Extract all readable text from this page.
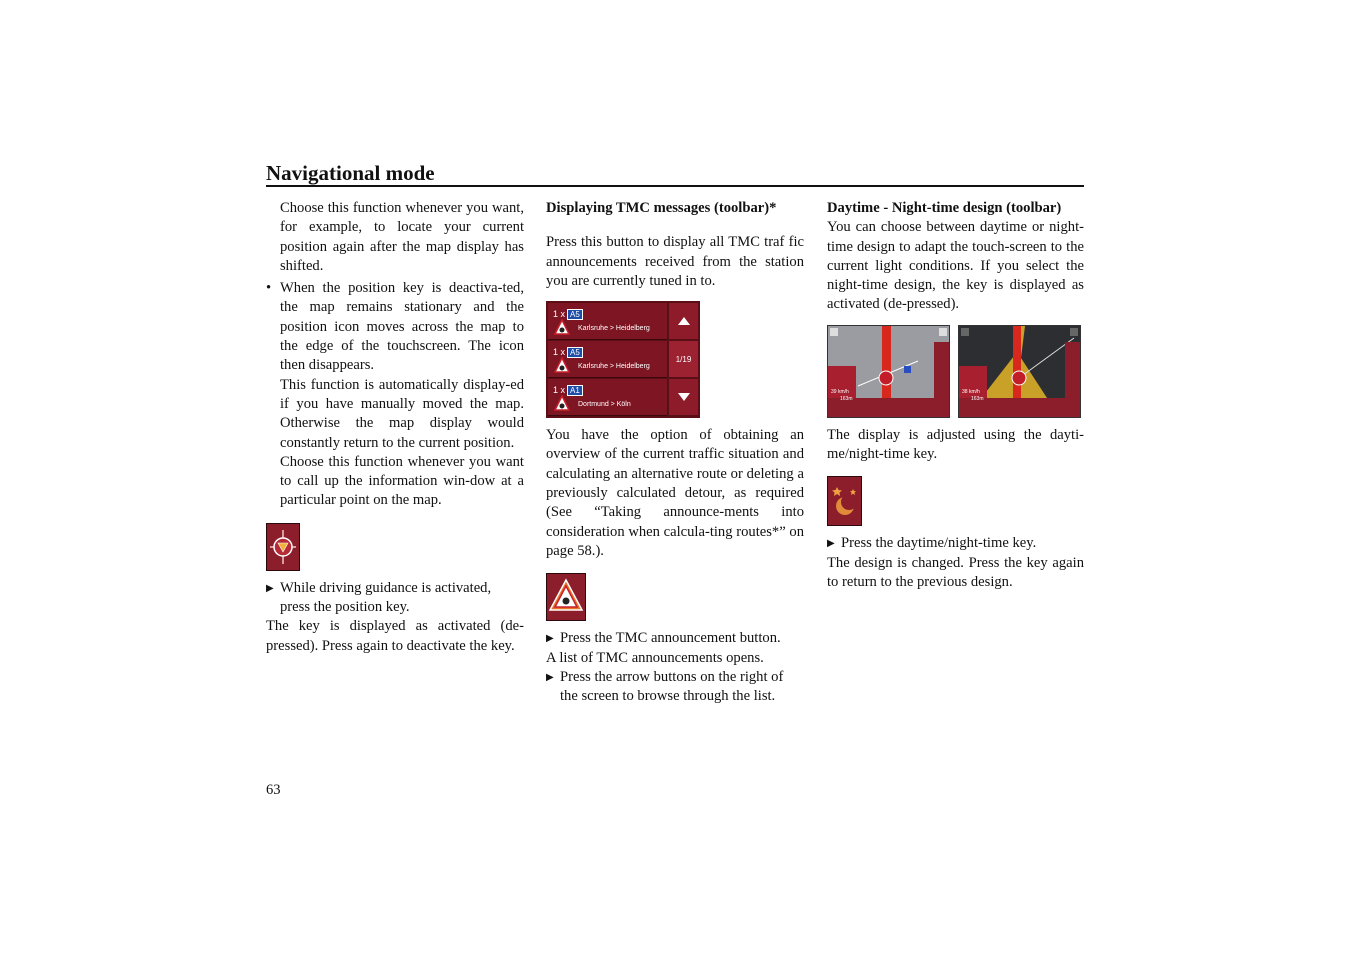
Navigational mode

Choose this function whenever you want, for example, to locate your current position again after the map display has shifted.

• When the position key is deactiva-ted, the map remains stationary and the position icon moves across the map to the edge of the touchscreen. The icon then disappears.

This function is automatically display-ed if you have manually moved the map. Otherwise the map display would constantly return to the current position.

Choose this function whenever you want to call up the information win-dow at a particular point on the map.

▶ While driving guidance is activated, press the position key.

The key is displayed as activated (de-pressed). Press again to deactivate the key.

Displaying TMC messages (toolbar)*

Press this button to display all TMC traf fic announcements received from the station you are currently tuned in to.

1 x A5
Karlsruhe > Heidelberg
1 x A5
Karlsruhe > Heidelberg
1 x A1
Dortmund > Köln
1/19

You have the option of obtaining an overview of the current traffic situation and calculating an alternative route or deleting a previously calculated detour, as required (See “Taking announce-ments into consideration when calcula-ting routes*” on page 58.).

▶ Press the TMC announcement button.

A list of TMC announcements opens.

▶ Press the arrow buttons on the right of the screen to browse through the list.

Daytime - Night-time design (toolbar)

You can choose between daytime or night-time design to adapt the touch-screen to the current light conditions. If you select the night-time design, the key is displayed as activated (de-pressed).

39 km/h
163m
38 km/h
163m

The display is adjusted using the dayti-me/night-time key.

▶ Press the daytime/night-time key.

The design is changed. Press the key again to return to the previous design.

63
